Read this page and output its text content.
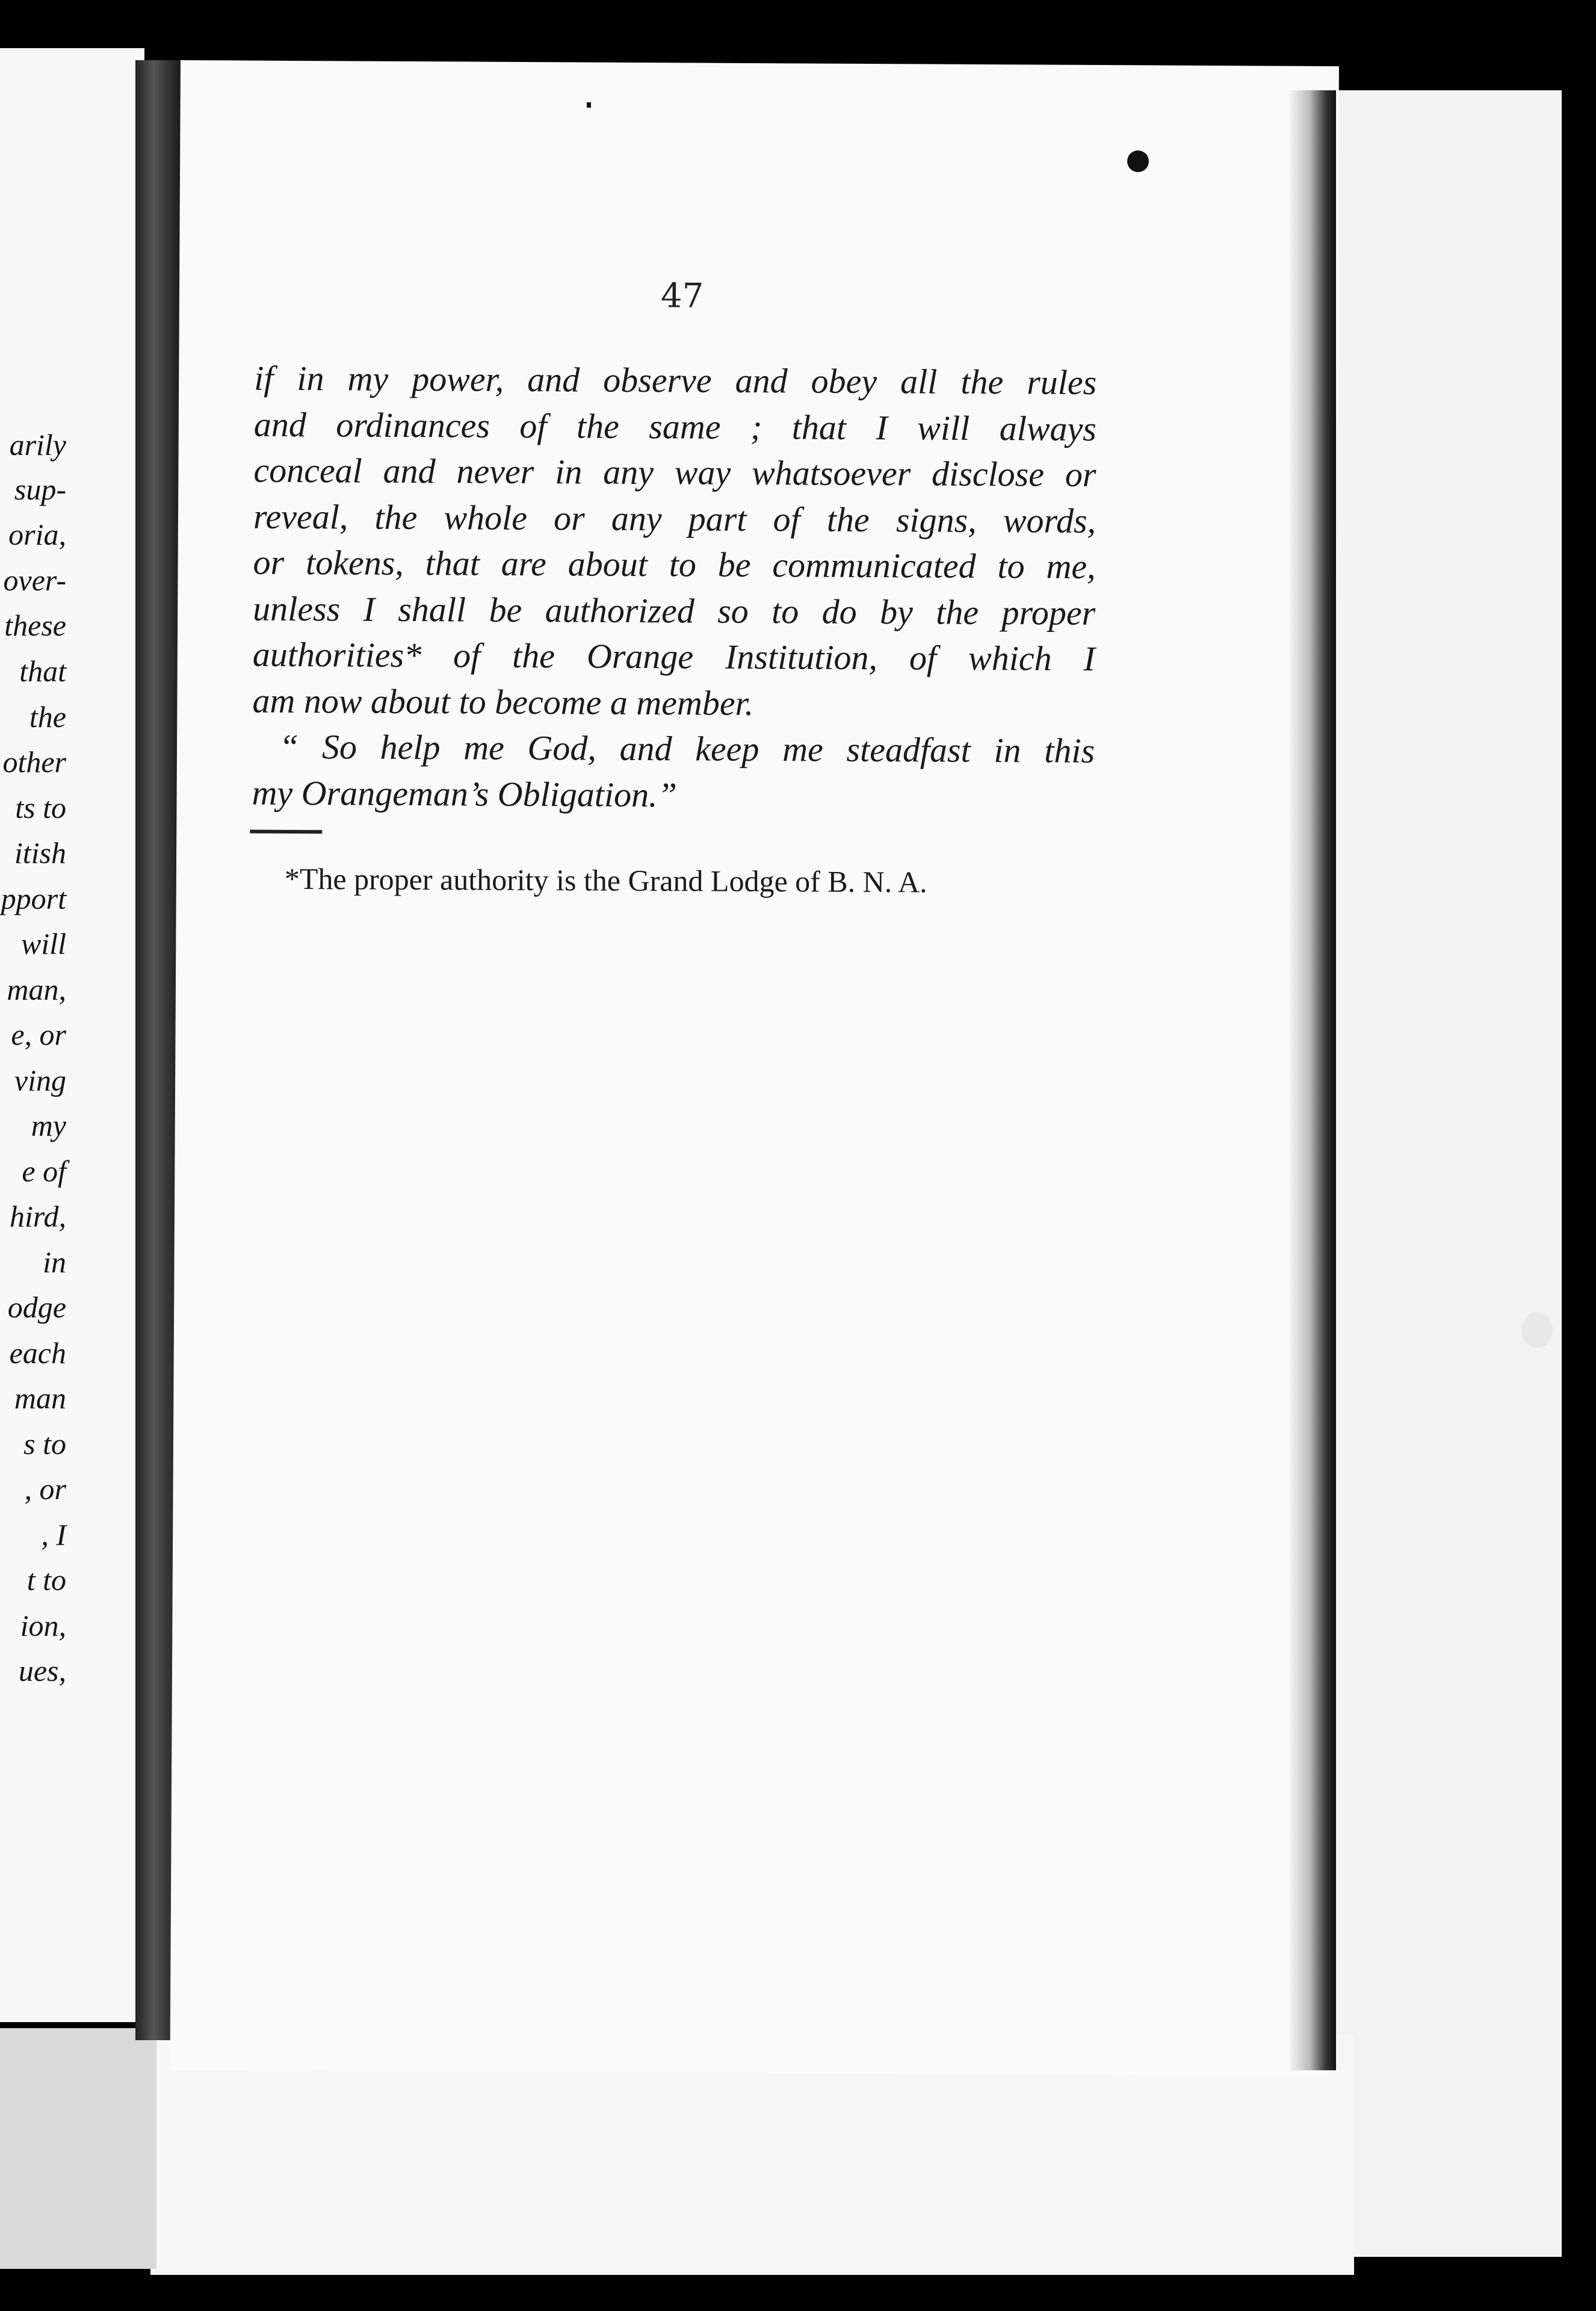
arily
sup-
oria,
over-
these
that
the
other
ts to
itish
pport
will
man,
e, or
ving
my
e of
hird,
in
odge
each
man
s to
, or
, I
t to
ion,
ues,
47
if in my power, and observe and obey all the rules
and ordinances of the same ; that I will always
conceal and never in any way whatsoever disclose or
reveal, the whole or any part of the signs, words,
or tokens, that are about to be communicated to me,
unless I shall be authorized so to do by the proper
authorities* of the Orange Institution, of which I
am now about to become a member.
“ So help me God, and keep me steadfast in this
my Orangeman’s Obligation.”
*The proper authority is the Grand Lodge of B. N. A.
